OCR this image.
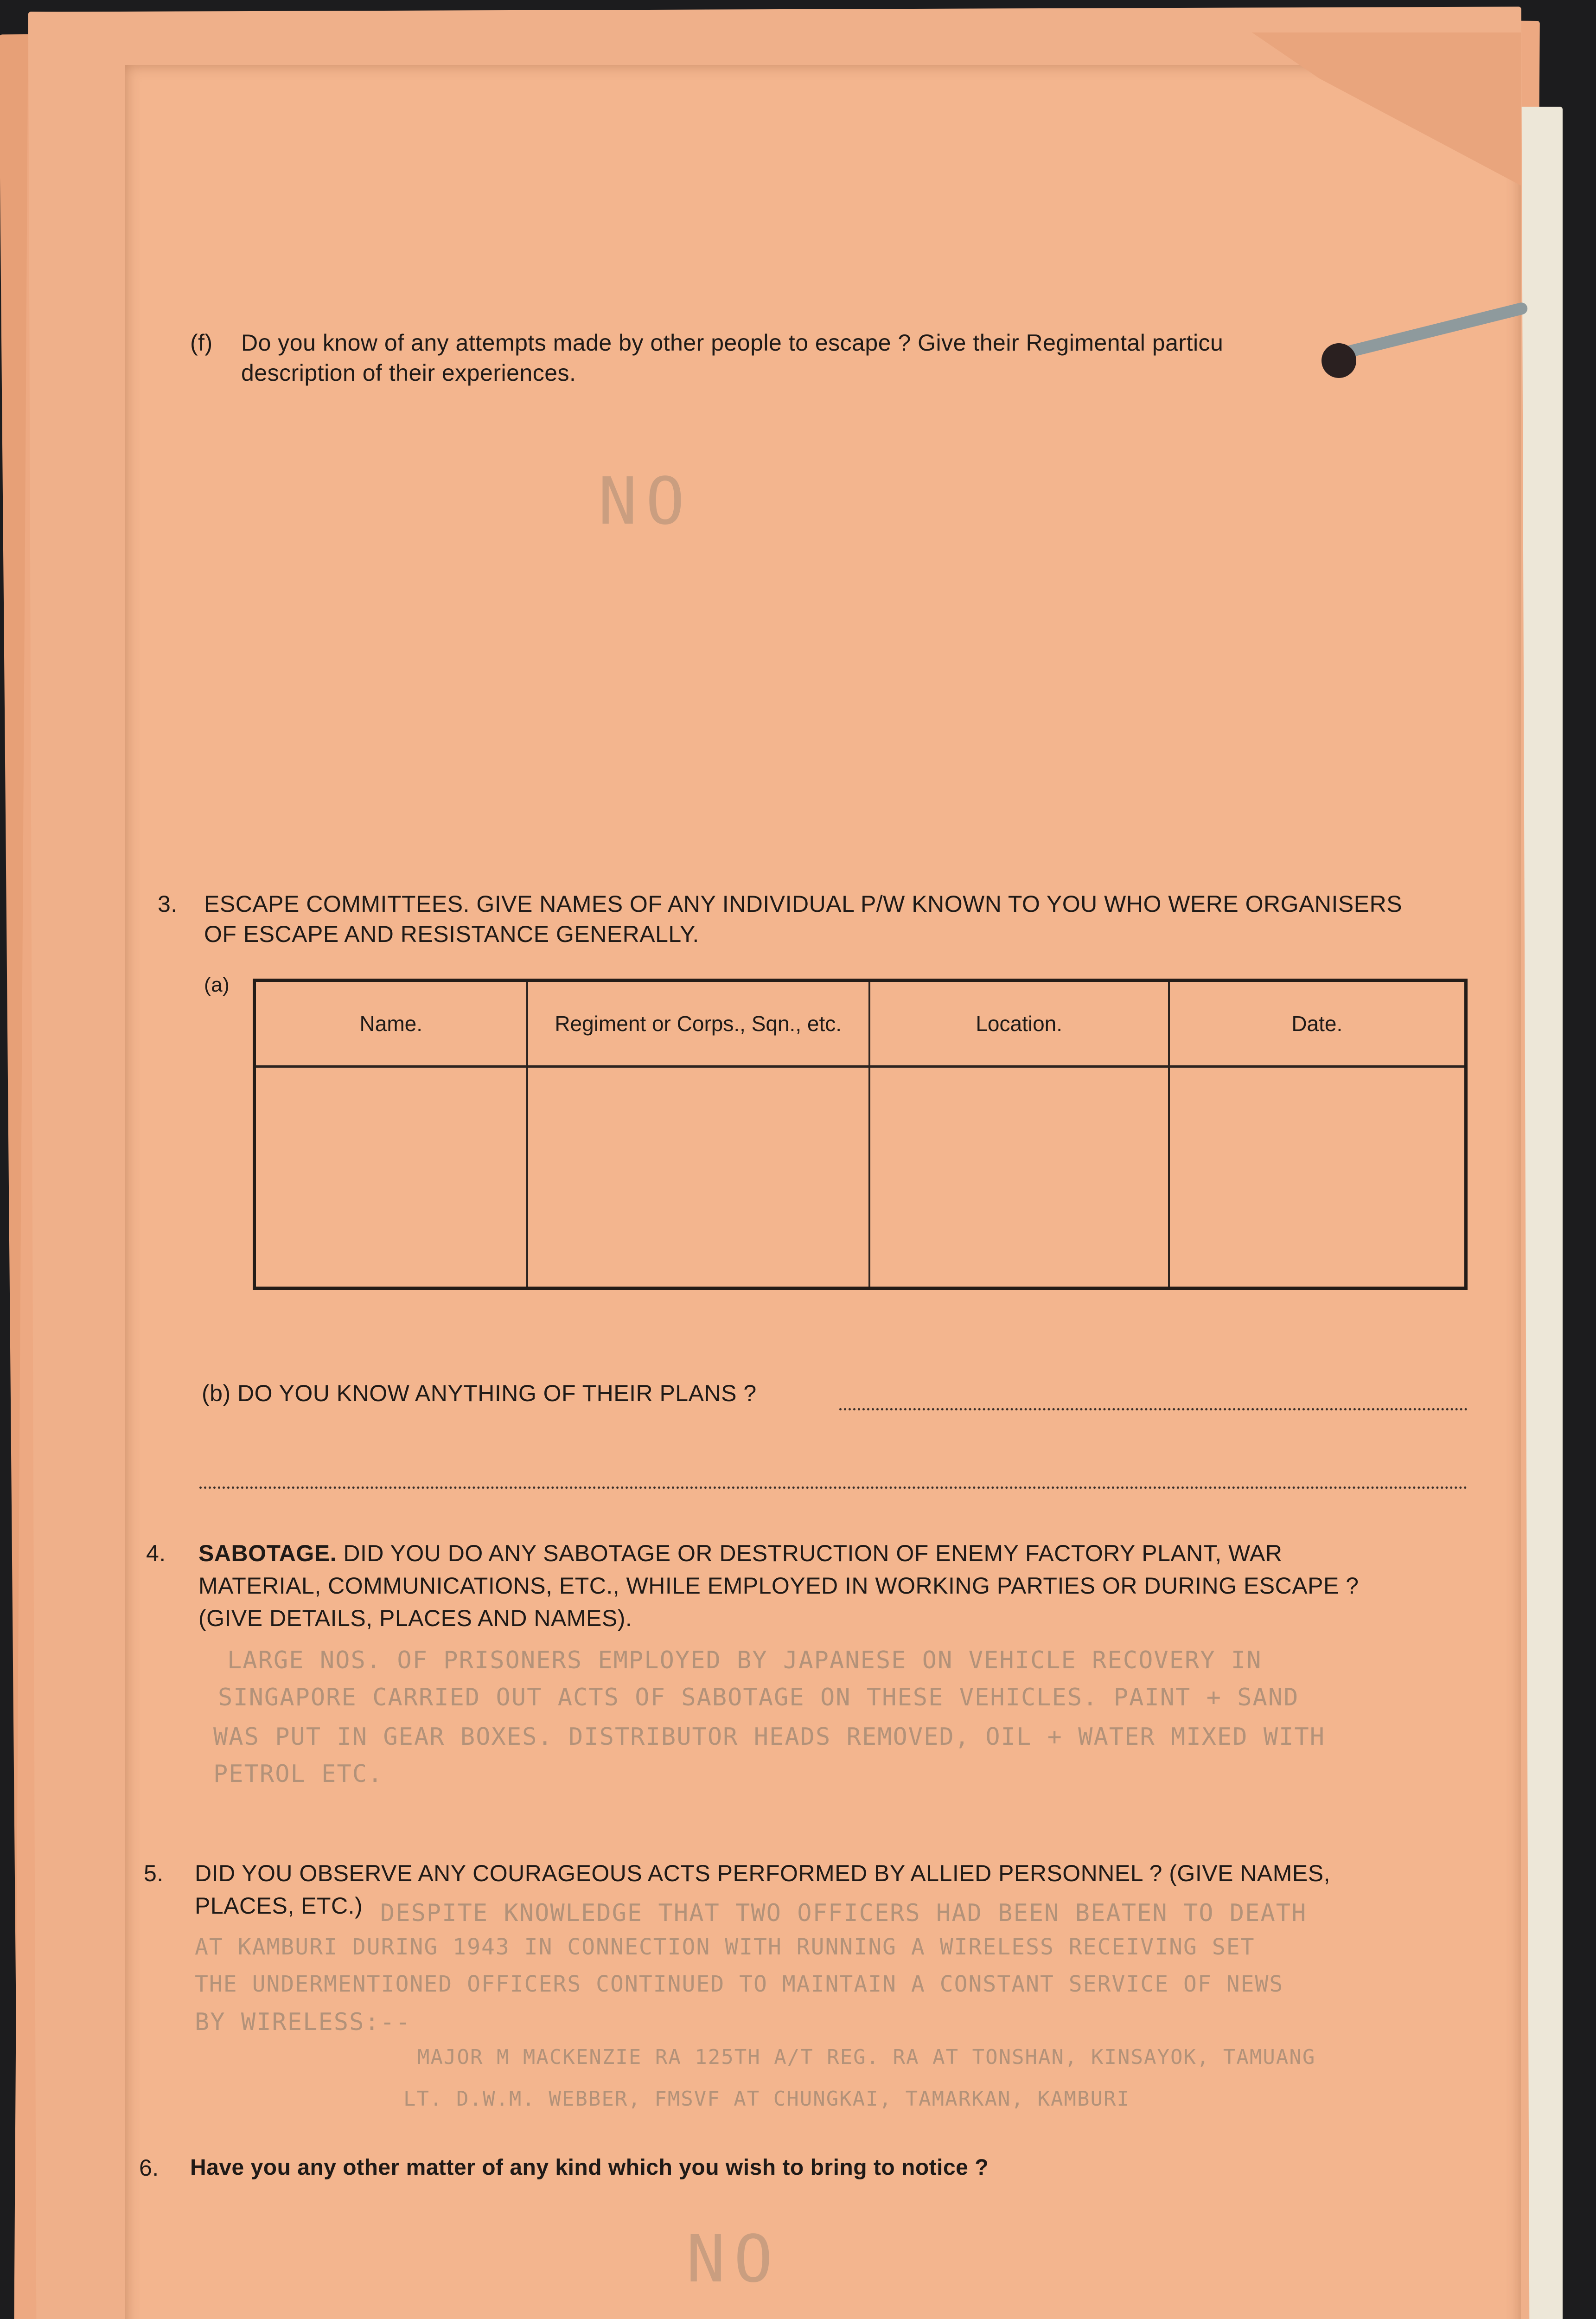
(f) Do you know of any attempts made by other people to escape ? Give their Regimental particu
description of their experiences.
NO
3. ESCAPE COMMITTEES. GIVE NAMES OF ANY INDIVIDUAL P/W KNOWN TO YOU WHO WERE ORGANISERS
OF ESCAPE AND RESISTANCE GENERALLY.
(a)
Name.	Regiment or Corps., Sqn., etc.	Location.	Date.

(b) DO YOU KNOW ANYTHING OF THEIR PLANS ?
4. SABOTAGE. DID YOU DO ANY SABOTAGE OR DESTRUCTION OF ENEMY FACTORY PLANT, WAR
MATERIAL, COMMUNICATIONS, ETC., WHILE EMPLOYED IN WORKING PARTIES OR DURING ESCAPE ?
(GIVE DETAILS, PLACES AND NAMES).
LARGE NOS. OF PRISONERS EMPLOYED BY JAPANESE ON VEHICLE RECOVERY IN
SINGAPORE CARRIED OUT ACTS OF SABOTAGE ON THESE VEHICLES. PAINT + SAND
WAS PUT IN GEAR BOXES. DISTRIBUTOR HEADS REMOVED, OIL + WATER MIXED WITH
PETROL ETC.
5. DID YOU OBSERVE ANY COURAGEOUS ACTS PERFORMED BY ALLIED PERSONNEL ? (GIVE NAMES,
PLACES, ETC.) DESPITE KNOWLEDGE THAT TWO OFFICERS HAD BEEN BEATEN TO DEATH
AT KAMBURI DURING 1943 IN CONNECTION WITH RUNNING A WIRELESS RECEIVING SET
THE UNDERMENTIONED OFFICERS CONTINUED TO MAINTAIN A CONSTANT SERVICE OF NEWS
BY WIRELESS:--
MAJOR M MACKENZIE RA 125TH A/T REG. RA AT TONSHAN, KINSAYOK, TAMUANG
LT. D.W.M. WEBBER, FMSVF AT CHUNGKAI, TAMARKAN, KAMBURI
6. Have you any other matter of any kind which you wish to bring to notice ?
NO
